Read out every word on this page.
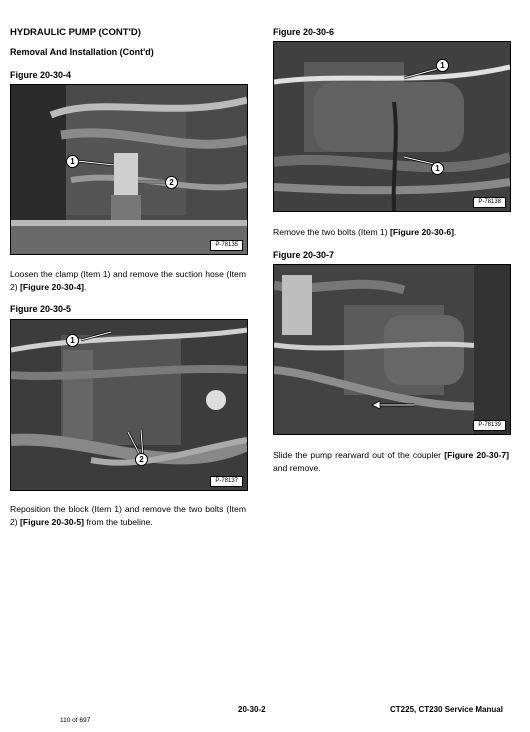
HYDRAULIC PUMP (CONT'D)
Removal And Installation (Cont'd)
Figure 20-30-4
1
2
P-78135
Loosen the clamp (Item 1) and remove the suction hose (Item 2) [Figure 20-30-4].
Figure 20-30-5
1
2
P-78137
Reposition the block (Item 1) and remove the two bolts (Item 2) [Figure 20-30-5] from the tubeline.
Figure 20-30-6
1
1
P-78138
Remove the two bolts (Item 1) [Figure 20-30-6].
Figure 20-30-7
P-78139
Slide the pump rearward out of the coupler [Figure 20-30-7] and remove.
20-30-2	CT225, CT230 Service Manual
110 of 697
